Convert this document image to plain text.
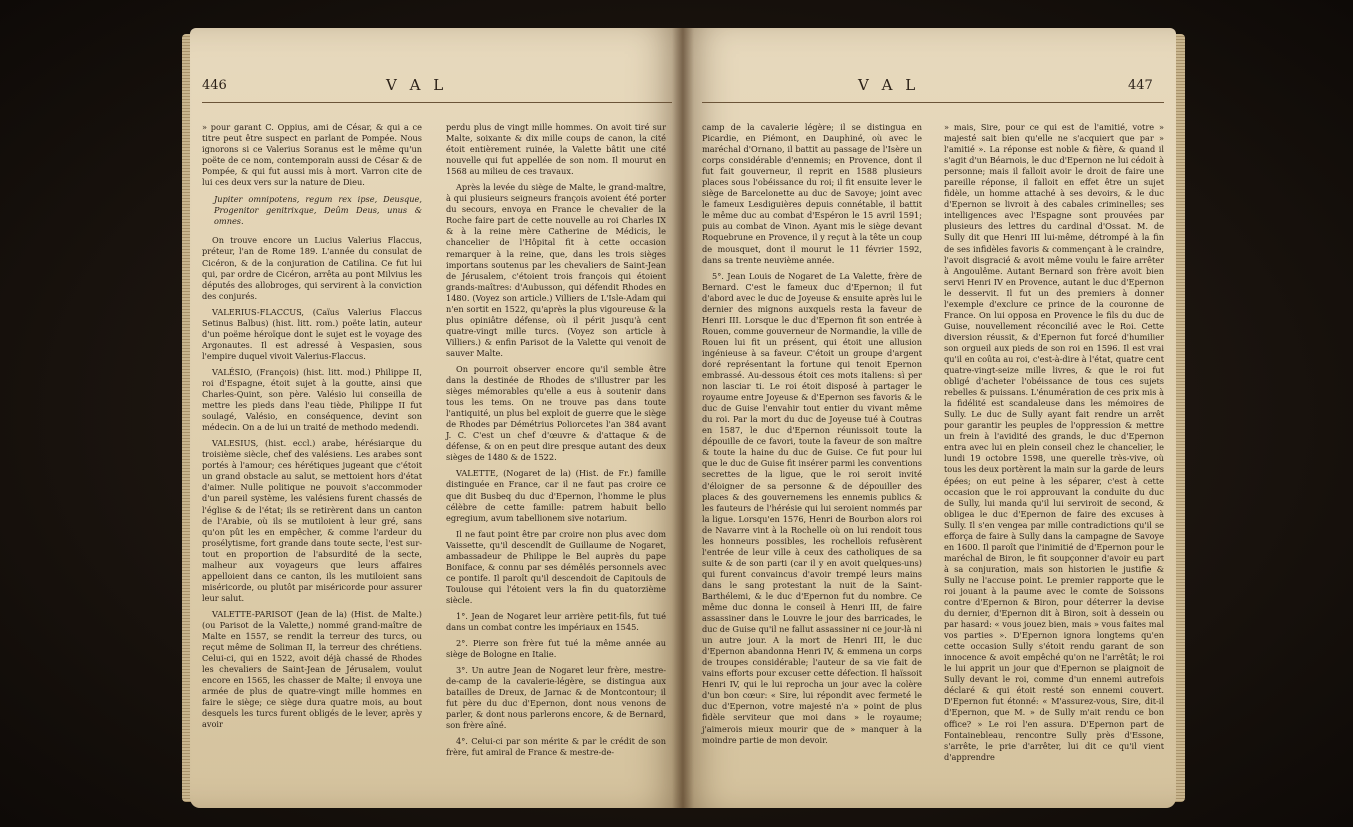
446	V A L

» pour garant C. Oppius, ami de César, & qui a ce titre peut être suspect en parlant de Pompée. Nous ignorons si ce Valerius Soranus est le même qu'un poëte de ce nom, contemporain aussi de César & de Pompée, & qui fut aussi mis à mort. Varron cite de lui ces deux vers sur la nature de Dieu.

Jupiter omnipotens, regum rex ipse, Deusque, Progenitor genitrixque, Deûm Deus, unus & omnes.

On trouve encore un Lucius Valerius Flaccus, préteur, l'an de Rome 189. L'année du consulat de Cicéron, & de la conjuration de Catilina. Ce fut lui qui, par ordre de Cicéron, arrêta au pont Milvius les députés des allobroges, qui servirent à la conviction des conjurés.

VALERIUS-FLACCUS, (Caïus Valerius Flaccus Setinus Balbus) (hist. litt. rom.) poëte latin, auteur d'un poëme héroïque dont le sujet est le voyage des Argonautes. Il est adressé à Vespasien, sous l'empire duquel vivoit Valerius-Flaccus.

VALÉSIO, (François) (hist. litt. mod.) Philippe II, roi d'Espagne, étoit sujet à la goutte, ainsi que Charles-Quint, son père. Valésio lui conseilla de mettre les pieds dans l'eau tiède, Philippe II fut soulagé, Valésio, en conséquence, devint son médecin. On a de lui un traité de methodo medendi.

VALESIUS, (hist. eccl.) arabe, hérésiarque du troisième siècle, chef des valésiens. Les arabes sont portés à l'amour; ces hérétiques jugeant que c'étoit un grand obstacle au salut, se mettoient hors d'état d'aimer. Nulle politique ne pouvoit s'accommoder d'un pareil système, les valésiens furent chassés de l'église & de l'état; ils se retirèrent dans un canton de l'Arabie, où ils se mutiloient à leur gré, sans qu'on pût les en empêcher, & comme l'ardeur du prosélytisme, fort grande dans toute secte, l'est sur-tout en proportion de l'absurdité de la secte, malheur aux voyageurs que leurs affaires appelloient dans ce canton, ils les mutiloient sans miséricorde, ou plutôt par miséricorde pour assurer leur salut.

VALETTE-PARISOT (Jean de la) (Hist. de Malte.) (ou Parisot de la Valette,) nommé grand-maître de Malte en 1557, se rendit la terreur des turcs, ou reçut même de Soliman II, la terreur des chrétiens. Celui-ci, qui en 1522, avoit déjà chassé de Rhodes les chevaliers de Saint-Jean de Jérusalem, voulut encore en 1565, les chasser de Malte; il envoya une armée de plus de quatre-vingt mille hommes en faire le siège; ce siège dura quatre mois, au bout desquels les turcs furent obligés de le lever, après y avoir

perdu plus de vingt mille hommes. On avoit tiré sur Malte, soixante & dix mille coups de canon, la cité étoit entièrement ruinée, la Valette bâtit une cité nouvelle qui fut appellée de son nom. Il mourut en 1568 au milieu de ces travaux.

Après la levée du siège de Malte, le grand-maître, à qui plusieurs seigneurs françois avoient été porter du secours, envoya en France le chevalier de la Roche faire part de cette nouvelle au roi Charles IX & à la reine mère Catherine de Médicis, le chancelier de l'Hôpital fit à cette occasion remarquer à la reine, que, dans les trois sièges importans soutenus par les chevaliers de Saint-Jean de Jérusalem, c'étoient trois françois qui étoient grands-maîtres: d'Aubusson, qui défendit Rhodes en 1480. (Voyez son article.) Villiers de L'Isle-Adam qui n'en sortit en 1522, qu'après la plus vigoureuse & la plus opiniâtre défense, où il périt jusqu'à cent quatre-vingt mille turcs. (Voyez son article à Villiers.) & enfin Parisot de la Valette qui venoit de sauver Malte.

On pourroit observer encore qu'il semble être dans la destinée de Rhodes de s'illustrer par les sièges mémorables qu'elle a eus à soutenir dans tous les tems. On ne trouve pas dans toute l'antiquité, un plus bel exploit de guerre que le siège de Rhodes par Démétrius Poliorcetes l'an 384 avant J. C. C'est un chef d'œuvre & d'attaque & de défense, & on en peut dire presque autant des deux sièges de 1480 & de 1522.

VALETTE, (Nogaret de la) (Hist. de Fr.) famille distinguée en France, car il ne faut pas croire ce que dit Busbeq du duc d'Epernon, l'homme le plus célèbre de cette famille: patrem habuit bello egregium, avum tabellionem sive notarium.

Il ne faut point être par croire non plus avec dom Vaissette, qu'il descendît de Guillaume de Nogaret, ambassadeur de Philippe le Bel auprès du pape Boniface, & connu par ses démêlés personnels avec ce pontife. Il paroît qu'il descendoit de Capitouls de Toulouse qui l'étoient vers la fin du quatorzième siècle.

1°. Jean de Nogaret leur arrière petit-fils, fut tué dans un combat contre les impériaux en 1545.

2°. Pierre son frère fut tué la même année au siège de Bologne en Italie.

3°. Un autre Jean de Nogaret leur frère, mestre-de-camp de la cavalerie-légère, se distingua aux batailles de Dreux, de Jarnac & de Montcontour; il fut père du duc d'Epernon, dont nous venons de parler, & dont nous parlerons encore, & de Bernard, son frère aîné.

4°. Celui-ci par son mérite & par le crédit de son frère, fut amiral de France & mestre-de-

V A L	447

camp de la cavalerie légère; il se distingua en Picardie, en Piémont, en Dauphiné, où avec le maréchal d'Ornano, il battit au passage de l'Isère un corps considérable d'ennemis; en Provence, dont il fut fait gouverneur, il reprit en 1588 plusieurs places sous l'obéissance du roi; il fit ensuite lever le siège de Barcelonette au duc de Savoye; joint avec le fameux Lesdiguières depuis connétable, il battit le même duc au combat d'Espéron le 15 avril 1591; puis au combat de Vinon. Ayant mis le siège devant Roquebrune en Provence, il y reçut à la tête un coup de mousquet, dont il mourut le 11 février 1592, dans sa trente neuvième année.

5°. Jean Louis de Nogaret de La Valette, frère de Bernard. C'est le fameux duc d'Epernon; il fut d'abord avec le duc de Joyeuse & ensuite après lui le dernier des mignons auxquels resta la faveur de Henri III. Lorsque le duc d'Epernon fit son entrée à Rouen, comme gouverneur de Normandie, la ville de Rouen lui fit un présent, qui étoit une allusion ingénieuse à sa faveur. C'étoit un groupe d'argent doré représentant la fortune qui tenoit Epernon embrassé. Au-dessous étoit ces mots italiens: sì per non lasciar ti. Le roi étoit disposé à partager le royaume entre Joyeuse & d'Epernon ses favoris & le duc de Guise l'envahir tout entier du vivant même du roi. Par la mort du duc de Joyeuse tué à Coutras en 1587, le duc d'Epernon réunissoit toute la dépouille de ce favori, toute la faveur de son maître & toute la haine du duc de Guise. Ce fut pour lui que le duc de Guise fit insérer parmi les conventions secrettes de la ligue, que le roi seroit invité d'éloigner de sa personne & de dépouiller des places & des gouvernemens les ennemis publics & les fauteurs de l'hérésie qui lui seroient nommés par la ligue. Lorsqu'en 1576, Henri de Bourbon alors roi de Navarre vint à la Rochelle où on lui rendoit tous les honneurs possibles, les rochellois refusèrent l'entrée de leur ville à ceux des catholiques de sa suite & de son parti (car il y en avoit quelques-uns) qui furent convaincus d'avoir trempé leurs mains dans le sang protestant la nuit de la Saint-Barthélemi, & le duc d'Epernon fut du nombre. Ce même duc donna le conseil à Henri III, de faire assassiner dans le Louvre le jour des barricades, le duc de Guise qu'il ne fallut assassiner ni ce jour-là ni un autre jour. A la mort de Henri III, le duc d'Epernon abandonna Henri IV, & emmena un corps de troupes considérable; l'auteur de sa vie fait de vains efforts pour excuser cette défection. Il haïssoit Henri IV, qui le lui reprocha un jour avec la colère d'un bon cœur: « Sire, lui répondit avec fermeté le duc d'Epernon, votre majesté n'a » point de plus fidèle serviteur que moi dans » le royaume; j'aimerois mieux mourir que de » manquer à la moindre partie de mon devoir.

» mais, Sire, pour ce qui est de l'amitié, votre » majesté sait bien qu'elle ne s'acquiert que par » l'amitié ». La réponse est noble & fière, & quand il s'agit d'un Béarnois, le duc d'Epernon ne lui cédoit à personne; mais il falloit avoir le droit de faire une pareille réponse, il falloit en effet être un sujet fidèle, un homme attaché à ses devoirs, & le duc d'Epernon se livroit à des cabales criminelles; ses intelligences avec l'Espagne sont prouvées par plusieurs des lettres du cardinal d'Ossat. M. de Sully dit que Henri III lui-même, détrompé à la fin de ses infidèles favoris & commençant à le craindre, l'avoit disgracié & avoit même voulu le faire arrêter à Angoulême. Autant Bernard son frère avoit bien servi Henri IV en Provence, autant le duc d'Epernon le desservit. Il fut un des premiers à donner l'exemple d'exclure ce prince de la couronne de France. On lui opposa en Provence le fils du duc de Guise, nouvellement réconcilié avec le Roi. Cette diversion réussit, & d'Epernon fut forcé d'humilier son orgueil aux pieds de son roi en 1596. Il est vrai qu'il en coûta au roi, c'est-à-dire à l'état, quatre cent quatre-vingt-seize mille livres, & que le roi fut obligé d'acheter l'obéissance de tous ces sujets rebelles & puissans. L'énumération de ces prix mis à la fidélité est scandaleuse dans les mémoires de Sully. Le duc de Sully ayant fait rendre un arrêt pour garantir les peuples de l'oppression & mettre un frein à l'avidité des grands, le duc d'Epernon entra avec lui en plein conseil chez le chancelier, le lundi 19 octobre 1598, une querelle très-vive, où tous les deux portèrent la main sur la garde de leurs épées; on eut peine à les séparer, c'est à cette occasion que le roi approuvant la conduite du duc de Sully, lui manda qu'il lui serviroit de second, & obligea le duc d'Epernon de faire des excuses à Sully. Il s'en vengea par mille contradictions qu'il se efforça de faire à Sully dans la campagne de Savoye en 1600. Il paroît que l'inimitié de d'Epernon pour le maréchal de Biron, le fit soupçonner d'avoir eu part à sa conjuration, mais son historien le justifie & Sully ne l'accuse point. Le premier rapporte que le roi jouant à la paume avec le comte de Soissons contre d'Epernon & Biron, pour déterrer la devise du dernier, d'Epernon dit à Biron, soit à dessein ou par hasard: « vous jouez bien, mais » vous faites mal vos parties ». D'Epernon ignora longtems qu'en cette occasion Sully s'étoit rendu garant de son innocence & avoit empêché qu'on ne l'arrêtât; le roi le lui apprit un jour que d'Epernon se plaignoit de Sully devant le roi, comme d'un ennemi autrefois déclaré & qui étoit resté son ennemi couvert. D'Epernon fut étonné: « M'assurez-vous, Sire, dit-il d'Epernon, que M. » de Sully m'ait rendu ce bon office? » Le roi l'en assura. D'Epernon part de Fontainebleau, rencontre Sully près d'Essone, s'arrête, le prie d'arrêter, lui dit ce qu'il vient d'apprendre
